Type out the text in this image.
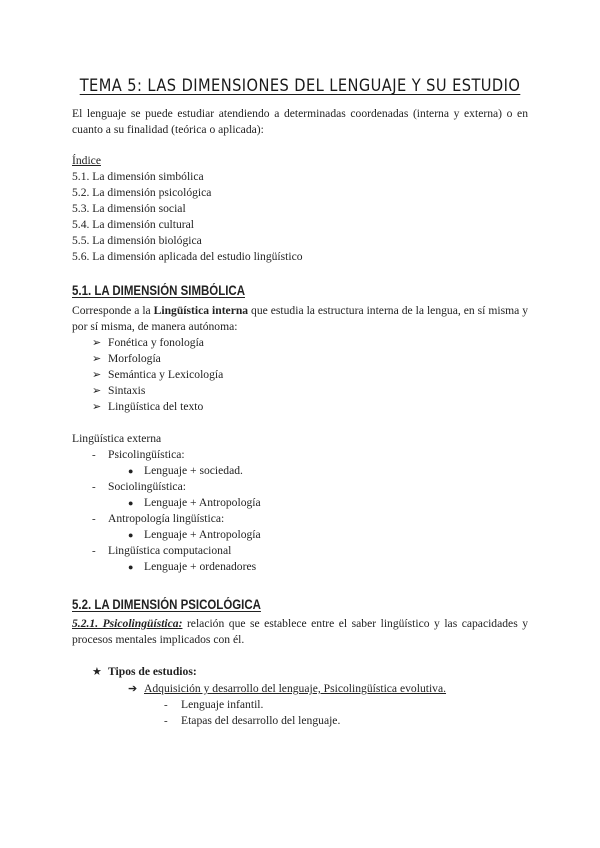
TEMA 5: LAS DIMENSIONES DEL LENGUAJE Y SU ESTUDIO
El lenguaje se puede estudiar atendiendo a determinadas coordenadas (interna y externa) o en cuanto a su finalidad (teórica o aplicada):
Índice
5.1. La dimensión simbólica
5.2. La dimensión psicológica
5.3. La dimensión social
5.4. La dimensión cultural
5.5. La dimensión biológica
5.6. La dimensión aplicada del estudio lingüístico
5.1. LA DIMENSIÓN SIMBÓLICA
Corresponde a la Lingüística interna que estudia la estructura interna de la lengua, en sí misma y por sí misma, de manera autónoma:
➢ Fonética y fonología
➢ Morfología
➢ Semántica y Lexicología
➢ Sintaxis
➢ Lingüística del texto
Lingüística externa
- Psicolingüística:
● Lenguaje + sociedad.
- Sociolingüística:
● Lenguaje + Antropología
- Antropología lingüística:
● Lenguaje + Antropología
- Lingüística computacional
● Lenguaje + ordenadores
5.2. LA DIMENSIÓN PSICOLÓGICA
5.2.1. Psicolingüística: relación que se establece entre el saber lingüístico y las capacidades y procesos mentales implicados con él.
★ Tipos de estudios:
➔ Adquisición y desarrollo del lenguaje, Psicolingüística evolutiva.
- Lenguaje infantil.
- Etapas del desarrollo del lenguaje.
